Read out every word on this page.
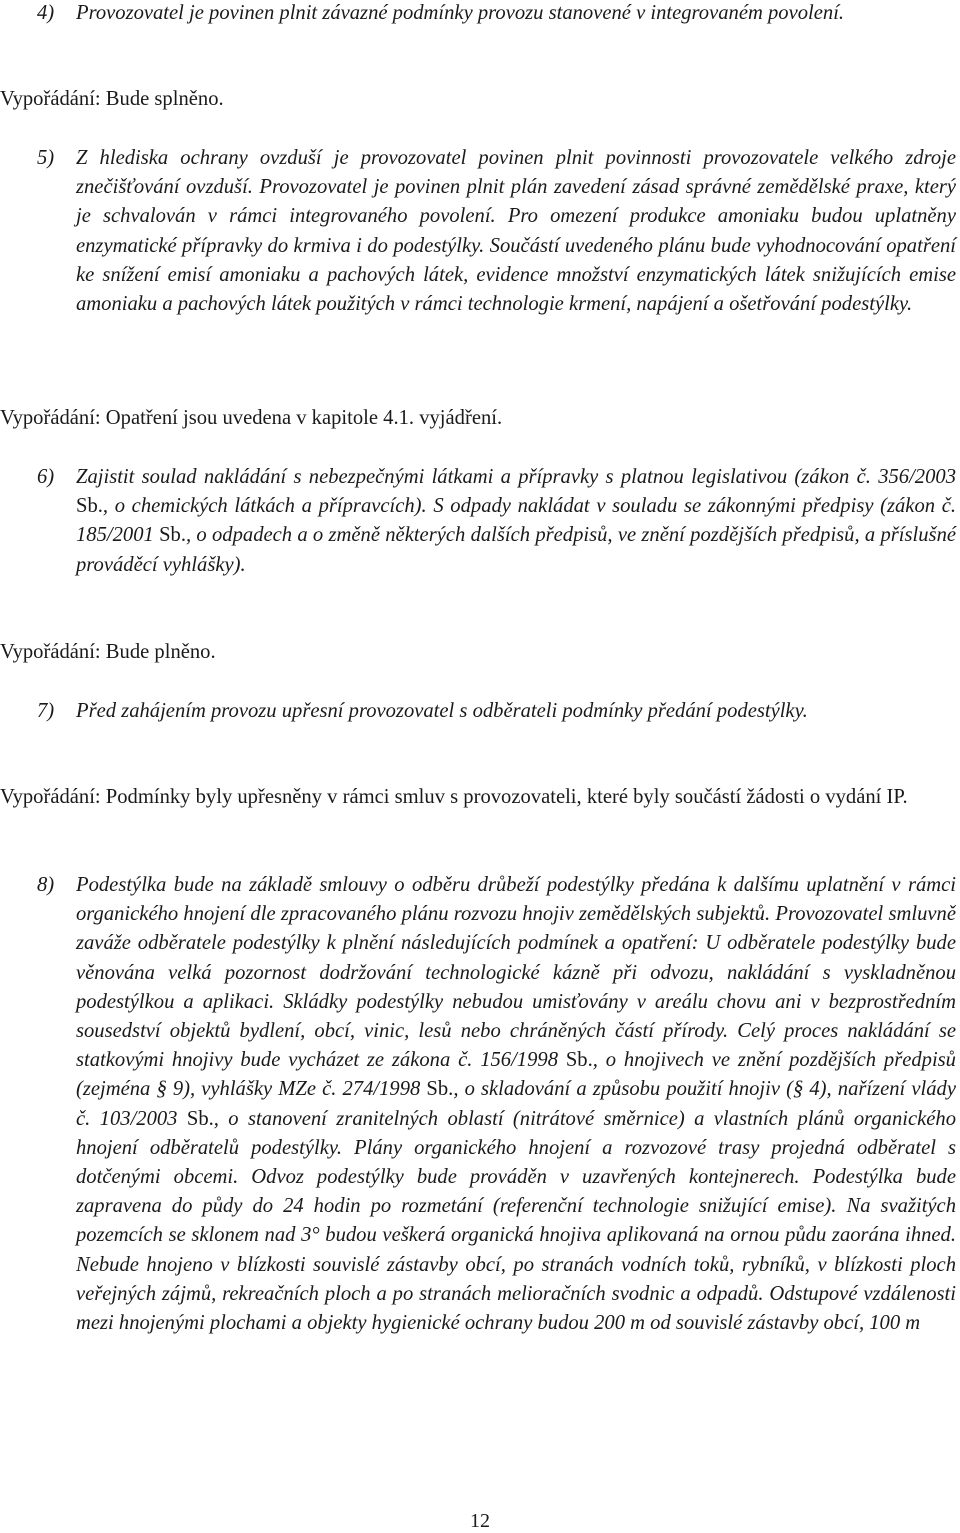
4) Provozovatel je povinen plnit závazné podmínky provozu stanovené v integrovaném povolení.
Vypořádání: Bude splněno.
5) Z hlediska ochrany ovzduší je provozovatel povinen plnit povinnosti provozovatele velkého zdroje znečišťování ovzduší. Provozovatel je povinen plnit plán zavedení zásad správné zemědělské praxe, který je schvalován v rámci integrovaného povolení. Pro omezení produkce amoniaku budou uplatněny enzymatické přípravky do krmiva i do podestýlky. Součástí uvedeného plánu bude vyhodnocování opatření ke snížení emisí amoniaku a pachových látek, evidence množství enzymatických látek snižujících emise amoniaku a pachových látek použitých v rámci technologie krmení, napájení a ošetřování podestýlky.
Vypořádání: Opatření jsou uvedena v kapitole 4.1. vyjádření.
6) Zajistit soulad nakládání s nebezpečnými látkami a přípravky s platnou legislativou (zákon č. 356/2003 Sb., o chemických látkách a přípravcích). S odpady nakládat v souladu se zákonnými předpisy (zákon č. 185/2001 Sb., o odpadech a o změně některých dalších předpisů, ve znění pozdějších předpisů, a příslušné prováděcí vyhlášky).
Vypořádání: Bude plněno.
7) Před zahájením provozu upřesní provozovatel s odběrateli podmínky předání podestýlky.
Vypořádání: Podmínky byly upřesněny v rámci smluv s provozovateli, které byly součástí žádosti o vydání IP.
8) Podestýlka bude na základě smlouvy o odběru drůbeží podestýlky předána k dalšímu uplatnění v rámci organického hnojení dle zpracovaného plánu rozvozu hnojiv zemědělských subjektů. Provozovatel smluvně zaváže odběratele podestýlky k plnění následujících podmínek a opatření: U odběratele podestýlky bude věnována velká pozornost dodržování technologické kázně při odvozu, nakládání s vyskladněnou podestýlkou a aplikaci. Skládky podestýlky nebudou umisťovány v areálu chovu ani v bezprostředním sousedství objektů bydlení, obcí, vinic, lesů nebo chráněných částí přírody. Celý proces nakládání se statkovými hnojivy bude vycházet ze zákona č. 156/1998 Sb., o hnojivech ve znění pozdějších předpisů (zejména § 9), vyhlášky MZe č. 274/1998 Sb., o skladování a způsobu použití hnojiv (§ 4), nařízení vlády č. 103/2003 Sb., o stanovení zranitelných oblastí (nitrátové směrnice) a vlastních plánů organického hnojení odběratelů podestýlky. Plány organického hnojení a rozvozové trasy projedná odběratel s dotčenými obcemi. Odvoz podestýlky bude prováděn v uzavřených kontejnerech. Podestýlka bude zapravena do půdy do 24 hodin po rozmetání (referenční technologie snižující emise). Na svažitých pozemcích se sklonem nad 3° budou veškerá organická hnojiva aplikovaná na ornou půdu zaorána ihned. Nebude hnojeno v blízkosti souvislé zástavby obcí, po stranách vodních toků, rybníků, v blízkosti ploch veřejných zájmů, rekreačních ploch a po stranách melioračních svodnic a odpadů. Odstupové vzdálenosti mezi hnojenými plochami a objekty hygienické ochrany budou 200 m od souvislé zástavby obcí, 100 m
12
